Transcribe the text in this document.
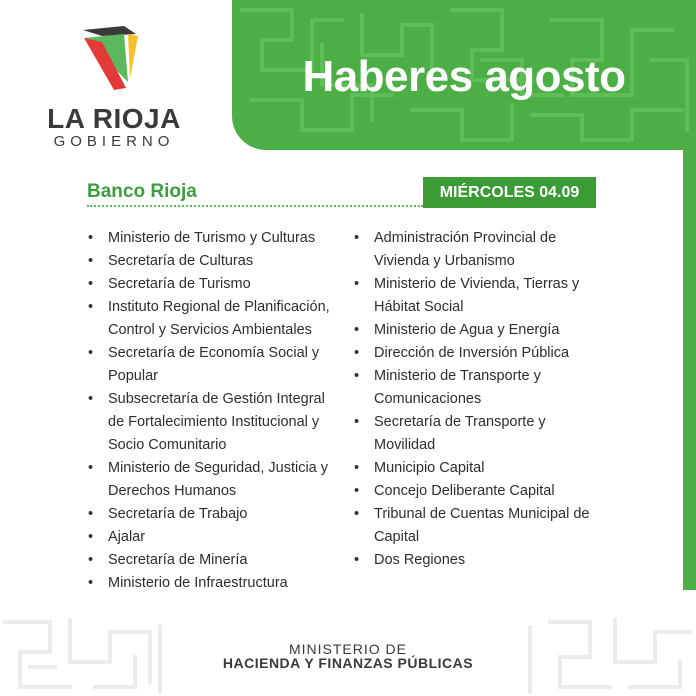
Haberes agosto
LA RIOJA
GOBIERNO
Banco Rioja	MIÉRCOLES 04.09
• Ministerio de Turismo y Culturas
• Secretaría de Culturas
• Secretaría de Turismo
• Instituto Regional de Planificación, Control y Servicios Ambientales
• Secretaría de Economía Social y Popular
• Subsecretaría de Gestión Integral de Fortalecimiento Institucional y Socio Comunitario
• Ministerio de Seguridad, Justicia y Derechos Humanos
• Secretaría de Trabajo
• Ajalar
• Secretaría de Minería
• Ministerio de Infraestructura
• Administración Provincial de Vivienda y Urbanismo
• Ministerio de Vivienda, Tierras y Hábitat Social
• Ministerio de Agua y Energía
• Dirección de Inversión Pública
• Ministerio de Transporte y Comunicaciones
• Secretaría de Transporte y Movilidad
• Municipio Capital
• Concejo Deliberante Capital
• Tribunal de Cuentas Municipal de Capital
• Dos Regiones
MINISTERIO DE
HACIENDA Y FINANZAS PÚBLICAS
